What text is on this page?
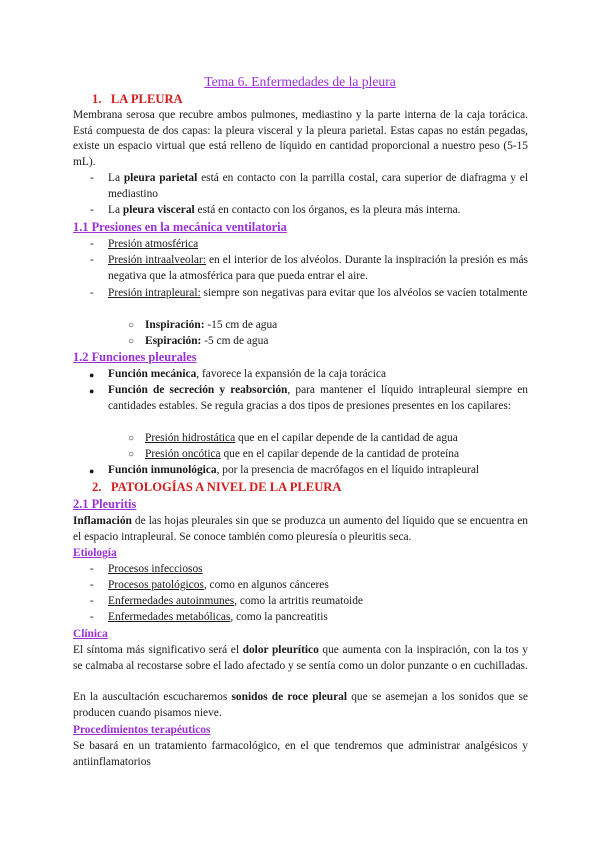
Tema 6. Enfermedades de la pleura
1. LA PLEURA

Membrana serosa que recubre ambos pulmones, mediastino y la parte interna de la caja torácica. Está compuesta de dos capas: la pleura visceral y la pleura parietal. Estas capas no están pegadas, existe un espacio virtual que está relleno de líquido en cantidad proporcional a nuestro peso (5-15 mL).

- La pleura parietal está en contacto con la parrilla costal, cara superior de diafragma y el mediastino

- La pleura visceral está en contacto con los órganos, es la pleura más interna.

1.1 Presiones en la mecánica ventilatoria
- Presión atmosférica

- Presión intraalveolar: en el interior de los alvéolos. Durante la inspiración la presión es más negativa que la atmosférica para que pueda entrar el aire.

- Presión intrapleural: siempre son negativas para evitar que los alvéolos se vacíen totalmente

○ Inspiración: -15 cm de agua

○ Espiración: -5 cm de agua

1.2 Funciones pleurales
● Función mecánica, favorece la expansión de la caja torácica

● Función de secreción y reabsorción, para mantener el líquido intrapleural siempre en cantidades estables. Se regula gracias a dos tipos de presiones presentes en los capilares:

○ Presión hidrostática que en el capilar depende de la cantidad de agua

○ Presión oncótica que en el capilar depende de la cantidad de proteína

● Función inmunológica, por la presencia de macrófagos en el líquido intrapleural

2. PATOLOGÍAS A NIVEL DE LA PLEURA
2.1 Pleuritis

Inflamación de las hojas pleurales sin que se produzca un aumento del líquido que se encuentra en el espacio intrapleural. Se conoce también como pleuresía o pleuritis seca.

Etiología
- Procesos infecciosos

- Procesos patológicos, como en algunos cánceres

- Enfermedades autoinmunes, como la artritis reumatoide

- Enfermedades metabólicas, como la pancreatitis

Clínica

El síntoma más significativo será el dolor pleurítico que aumenta con la inspiración, con la tos y se calmaba al recostarse sobre el lado afectado y se sentía como un dolor punzante o en cuchilladas.

En la auscultación escucharemos sonidos de roce pleural que se asemejan a los sonidos que se producen cuando pisamos nieve.

Procedimientos terapéuticos

Se basará en un tratamiento farmacológico, en el que tendremos que administrar analgésicos y antiinflamatorios
